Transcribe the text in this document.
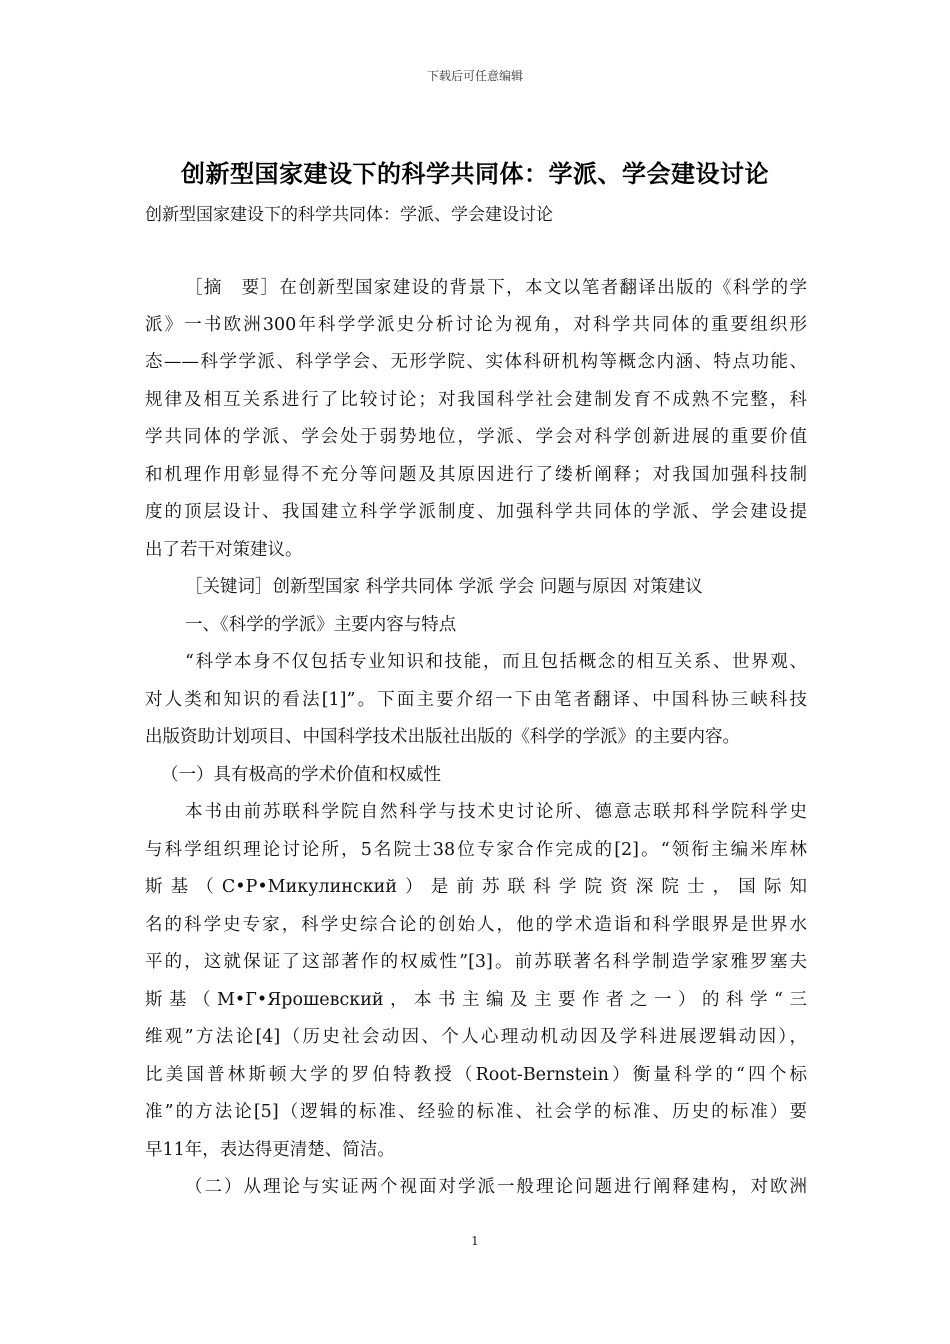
下载后可任意编辑
创新型国家建设下的科学共同体：学派、学会建设讨论
创新型国家建设下的科学共同体：学派、学会建设讨论
［摘　要］在创新型国家建设的背景下，本文以笔者翻译出版的《科学的学
派》一书欧洲300年科学学派史分析讨论为视角，对科学共同体的重要组织形
态——科学学派、科学学会、无形学院、实体科研机构等概念内涵、特点功能、
规律及相互关系进行了比较讨论；对我国科学社会建制发育不成熟不完整，科
学共同体的学派、学会处于弱势地位，学派、学会对科学创新进展的重要价值
和机理作用彰显得不充分等问题及其原因进行了缕析阐释；对我国加强科技制
度的顶层设计、我国建立科学学派制度、加强科学共同体的学派、学会建设提
出了若干对策建议。
［关键词］创新型国家 科学共同体 学派 学会 问题与原因 对策建议
一、《科学的学派》主要内容与特点
“科学本身不仅包括专业知识和技能，而且包括概念的相互关系、世界观、
对人类和知识的看法[1]”。下面主要介绍一下由笔者翻译、中国科协三峡科技
出版资助计划项目、中国科学技术出版社出版的《科学的学派》的主要内容。
（一）具有极高的学术价值和权威性
本书由前苏联科学院自然科学与技术史讨论所、德意志联邦科学院科学史
与科学组织理论讨论所，5名院士38位专家合作完成的[2]。“领衔主编米库林
斯基（С•Р•Микулинский）是前苏联科学院资深院士，国际知
名的科学史专家，科学史综合论的创始人，他的学术造诣和科学眼界是世界水
平的，这就保证了这部著作的权威性”[3]。前苏联著名科学制造学家雅罗塞夫
斯基（М•Г•Ярошевский，本书主编及主要作者之一）的科学“三
维观”方法论[4]（历史社会动因、个人心理动机动因及学科进展逻辑动因），
比美国普林斯顿大学的罗伯特教授（Root-Bernstein）衡量科学的“四个标
准”的方法论[5]（逻辑的标准、经验的标准、社会学的标准、历史的标准）要
早11年，表达得更清楚、简洁。
（二）从理论与实证两个视面对学派一般理论问题进行阐释建构，对欧洲
1
